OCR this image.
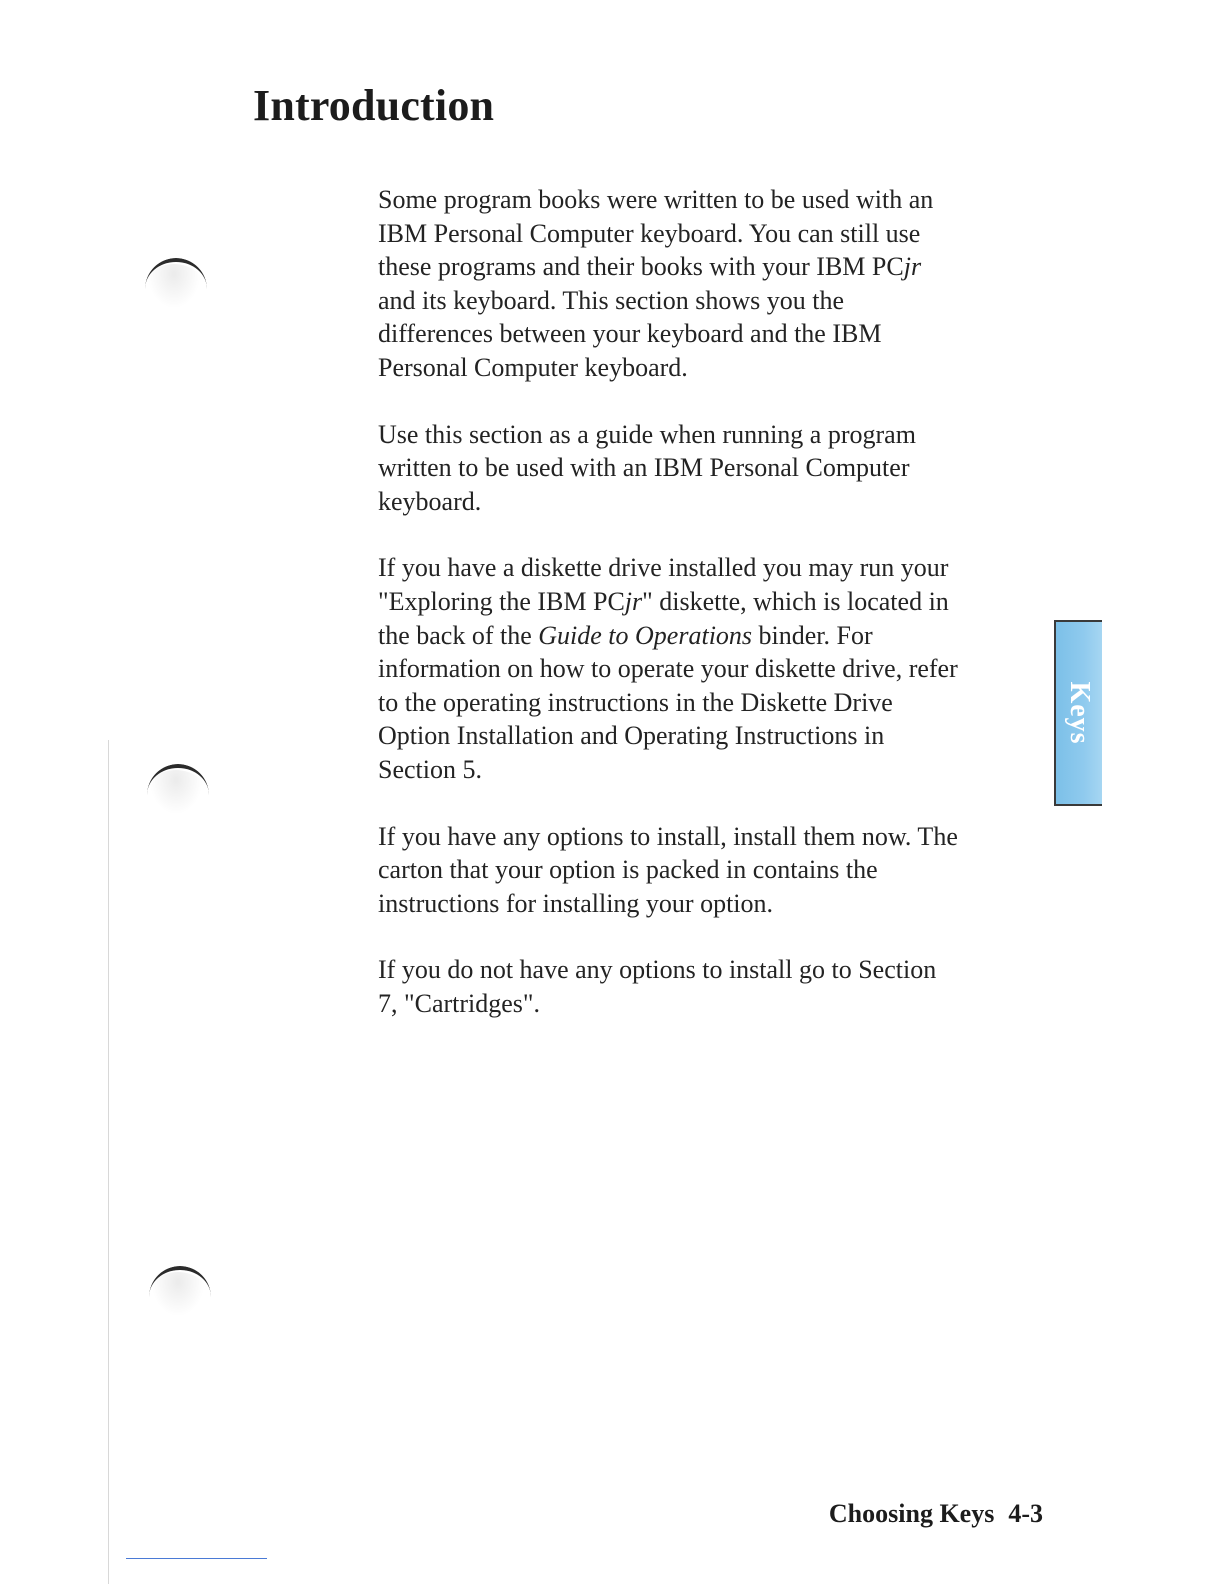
Introduction

Some program books were written to be used with an
IBM Personal Computer keyboard. You can still use
these programs and their books with your IBM PCjr
and its keyboard. This section shows you the
differences between your keyboard and the IBM
Personal Computer keyboard.

Use this section as a guide when running a program
written to be used with an IBM Personal Computer
keyboard.

If you have a diskette drive installed you may run your
"Exploring the IBM PCjr" diskette, which is located in
the back of the Guide to Operations binder. For
information on how to operate your diskette drive, refer
to the operating instructions in the Diskette Drive
Option Installation and Operating Instructions in
Section 5.

If you have any options to install, install them now. The
carton that your option is packed in contains the
instructions for installing your option.

If you do not have any options to install go to Section
7, "Cartridges".

Keys
Choosing Keys 4-3
